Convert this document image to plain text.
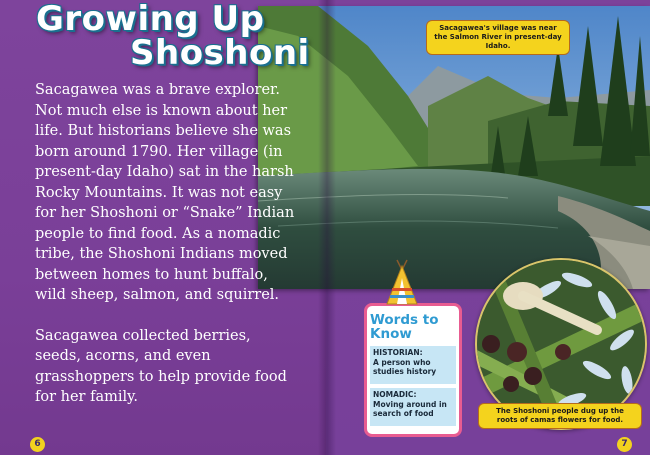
Sacagawea's village was near the Salmon River in present-day Idaho.
Growing Up
Shoshoni

Sacagawea was a brave explorer. Not much else is known about her life. But historians believe she was born around 1790. Her village (in present-day Idaho) sat in the harsh Rocky Mountains. It was not easy for her Shoshoni or “Snake” Indian people to find food. As a nomadic tribe, the Shoshoni Indians moved between homes to hunt buffalo, wild sheep, salmon, and squirrel.

Sacagawea collected berries, seeds, acorns, and even grasshoppers to help provide food for her family.

Words to
Know
HISTORIAN:
A person who studies history
NOMADIC:
Moving around in search of food	The Shoshoni people dug up the roots of camas flowers for food.
6	7
